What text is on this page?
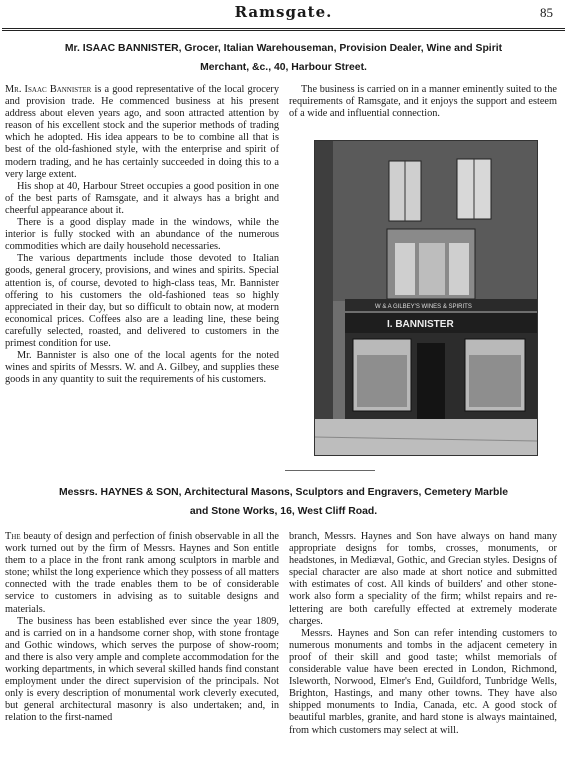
Ramsgate.	85
Mr. ISAAC BANNISTER, Grocer, Italian Warehouseman, Provision Dealer, Wine and Spirit
Merchant, &c., 40, Harbour Street.

Mr. Isaac Bannister is a good representative of the local grocery and provision trade. He commenced business at his present address about eleven years ago, and soon attracted attention by reason of his excellent stock and the superior methods of trading which he adopted. His idea appears to be to combine all that is best of the old-fashioned style, with the enterprise and spirit of modern trading, and he has certainly succeeded in doing this to a very large extent.

His shop at 40, Harbour Street occupies a good position in one of the best parts of Ramsgate, and it always has a bright and cheerful appearance about it.

There is a good display made in the windows, while the interior is fully stocked with an abundance of the numerous commodities which are daily household necessaries.

The various departments include those devoted to Italian goods, general grocery, provisions, and wines and spirits. Special attention is, of course, devoted to high-class teas, Mr. Bannister offering to his customers the old-fashioned teas so highly appreciated in their day, but so difficult to obtain now, at modern economical prices. Coffees also are a leading line, these being carefully selected, roasted, and delivered to customers in the primest condition for use.

Mr. Bannister is also one of the local agents for the noted wines and spirits of Messrs. W. and A. Gilbey, and supplies these goods in any quantity to suit the requirements of his customers.

The business is carried on in a manner eminently suited to the requirements of Ramsgate, and it enjoys the support and esteem of a wide and influential connection.

W & A GILBEY'S WINES & SPIRITS
I. BANNISTER
Messrs. HAYNES & SON, Architectural Masons, Sculptors and Engravers, Cemetery Marble
and Stone Works, 16, West Cliff Road.

The beauty of design and perfection of finish observable in all the work turned out by the firm of Messrs. Haynes and Son entitle them to a place in the front rank among sculptors in marble and stone; whilst the long experience which they possess of all matters connected with the trade enables them to be of considerable service to customers in advising as to suitable designs and materials.

The business has been established ever since the year 1809, and is carried on in a handsome corner shop, with stone frontage and Gothic windows, which serves the purpose of show-room; and there is also very ample and complete accommodation for the working departments, in which several skilled hands find constant employment under the direct supervision of the principals. Not only is every description of monumental work cleverly executed, but general architectural masonry is also undertaken; and, in relation to the first-named

branch, Messrs. Haynes and Son have always on hand many appropriate designs for tombs, crosses, monuments, or headstones, in Mediæval, Gothic, and Grecian styles. Designs of special character are also made at short notice and submitted with estimates of cost. All kinds of builders' and other stone-work also form a speciality of the firm; whilst repairs and re-lettering are both carefully effected at extremely moderate charges.

Messrs. Haynes and Son can refer intending customers to numerous monuments and tombs in the adjacent cemetery in proof of their skill and good taste; whilst memorials of considerable value have been erected in London, Richmond, Isleworth, Norwood, Elmer's End, Guildford, Tunbridge Wells, Brighton, Hastings, and many other towns. They have also shipped monuments to India, Canada, etc. A good stock of beautiful marbles, granite, and hard stone is always maintained, from which customers may select at will.
